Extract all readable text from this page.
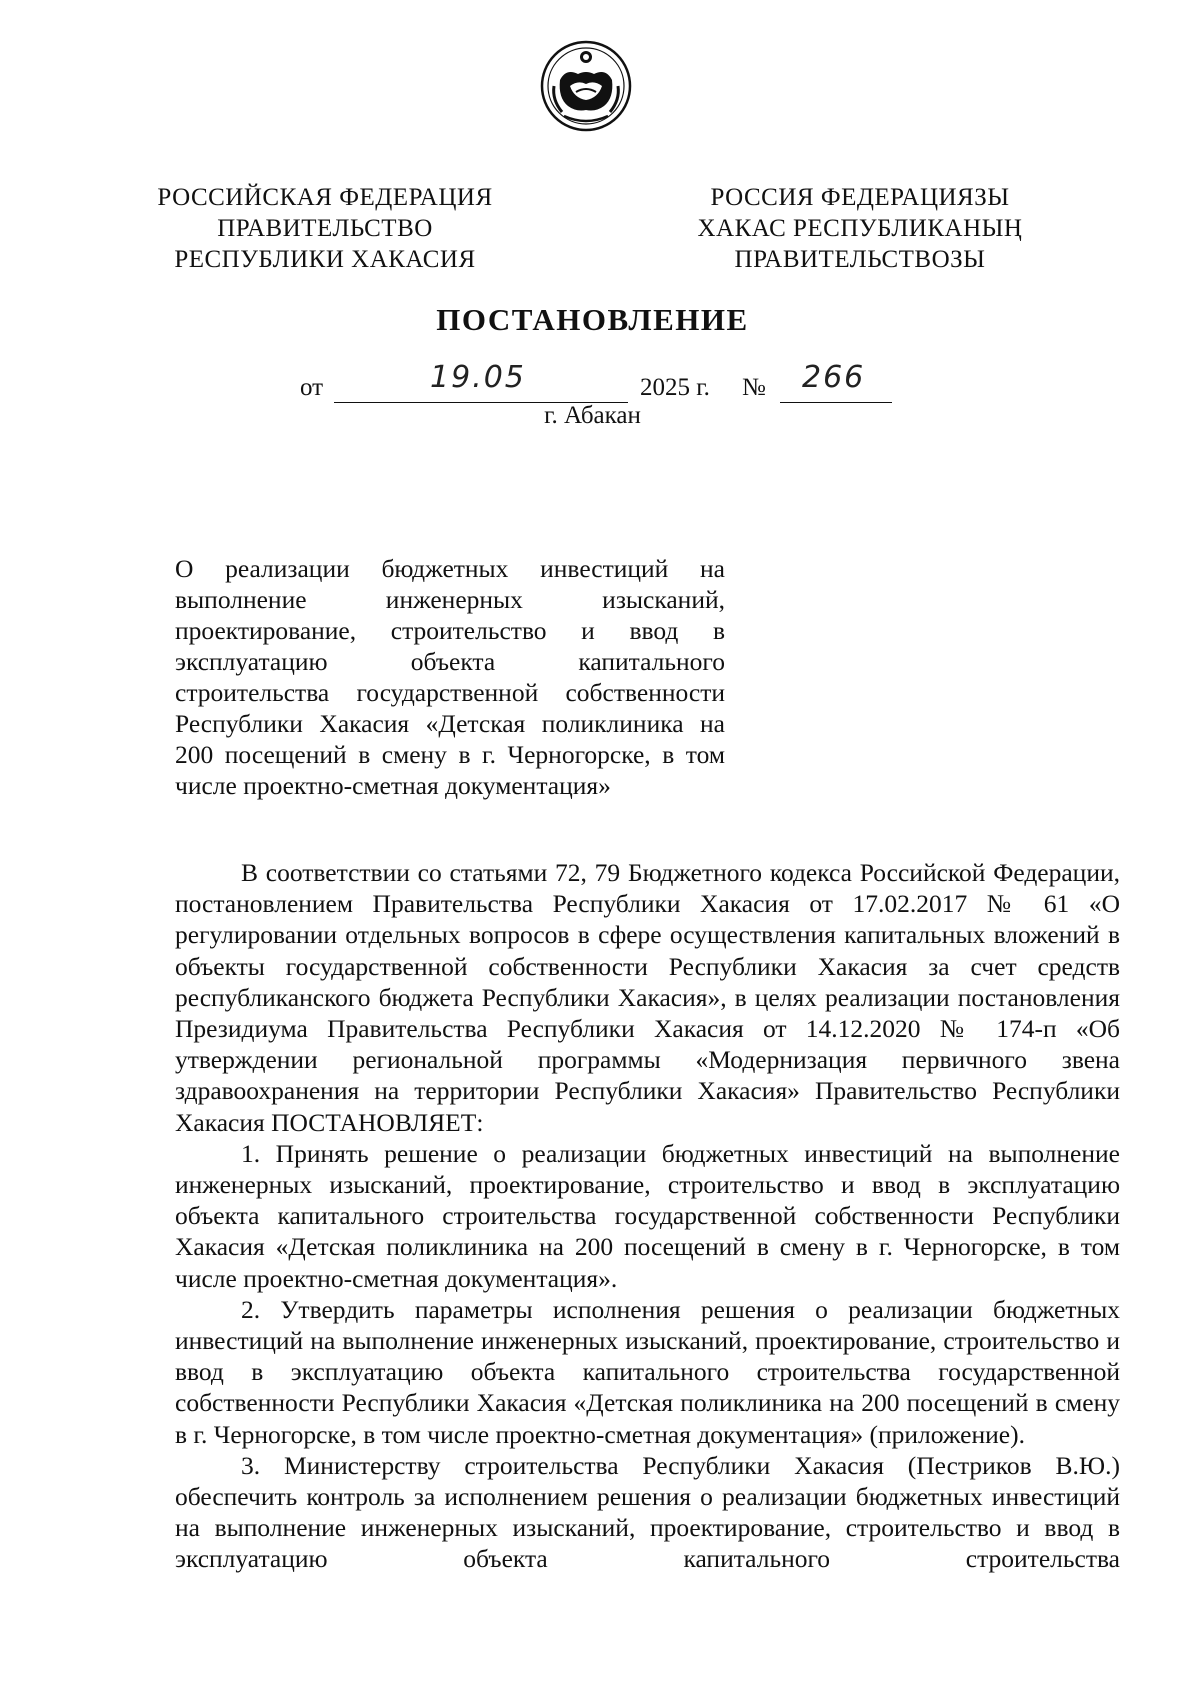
РОССИЙСКАЯ ФЕДЕРАЦИЯ
ПРАВИТЕЛЬСТВО
РЕСПУБЛИКИ ХАКАСИЯ
РОССИЯ ФЕДЕРАЦИЯЗЫ
ХАКАС РЕСПУБЛИКАНЫҢ
ПРАВИТЕЛЬСТВОЗЫ
ПОСТАНОВЛЕНИЕ
от	19.05	2025 г. № 266
г. Абакан
О реализации бюджетных инвестиций на выполнение инженерных изысканий, проектирование, строительство и ввод в эксплуатацию объекта капитального строительства государственной собственности Республики Хакасия «Детская поликлиника на 200 посещений в смену в г. Черногорске, в том числе проектно-сметная документация»

В соответствии со статьями 72, 79 Бюджетного кодекса Российской Федерации, постановлением Правительства Республики Хакасия от 17.02.2017 № 61 «О регулировании отдельных вопросов в сфере осуществления капитальных вложений в объекты государственной собственности Республики Хакасия за счет средств республиканского бюджета Республики Хакасия», в целях реализации постановления Президиума Правительства Республики Хакасия от 14.12.2020 № 174-п «Об утверждении региональной программы «Модернизация первичного звена здравоохранения на территории Республики Хакасия» Правительство Республики Хакасия ПОСТАНОВЛЯЕТ:

1. Принять решение о реализации бюджетных инвестиций на выполнение инженерных изысканий, проектирование, строительство и ввод в эксплуатацию объекта капитального строительства государственной собственности Республики Хакасия «Детская поликлиника на 200 посещений в смену в г. Черногорске, в том числе проектно-сметная документация».

2. Утвердить параметры исполнения решения о реализации бюджетных инвестиций на выполнение инженерных изысканий, проектирование, строительство и ввод в эксплуатацию объекта капитального строительства государственной собственности Республики Хакасия «Детская поликлиника на 200 посещений в смену в г. Черногорске, в том числе проектно-сметная документация» (приложение).

3. Министерству строительства Республики Хакасия (Пестриков В.Ю.) обеспечить контроль за исполнением решения о реализации бюджетных инвестиций на выполнение инженерных изысканий, проектирование, строительство и ввод в эксплуатацию объекта капитального строительства
